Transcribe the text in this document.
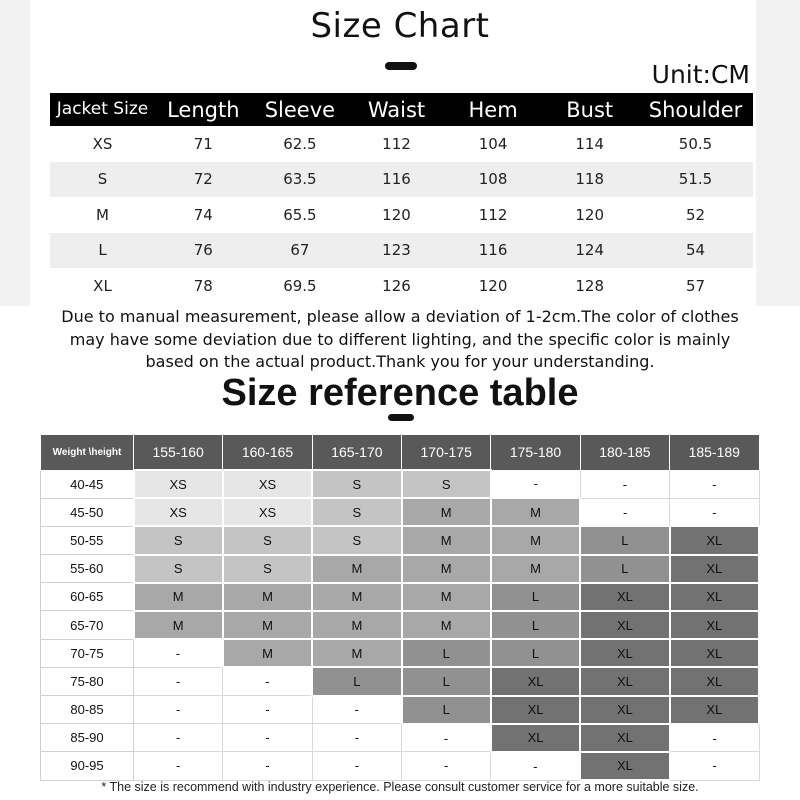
Size Chart
Unit:CM
Jacket Size	Length	Sleeve	Waist	Hem	Bust	Shoulder
XS	71	62.5	112	104	114	50.5
S	72	63.5	116	108	118	51.5
M	74	65.5	120	112	120	52
L	76	67	123	116	124	54
XL	78	69.5	126	120	128	57
Due to manual measurement, please allow a deviation of 1-2cm.The color of clothes
may have some deviation due to different lighting, and the specific color is mainly
based on the actual product.Thank you for your understanding.
Size reference table
Weight \height	155-160	160-165	165-170	170-175	175-180	180-185	185-189
40-45	XS	XS	S	S	-	-	-
45-50	XS	XS	S	M	M	-	-
50-55	S	S	S	M	M	L	XL
55-60	S	S	M	M	M	L	XL
60-65	M	M	M	M	L	XL	XL
65-70	M	M	M	M	L	XL	XL
70-75	-	M	M	L	L	XL	XL
75-80	-	-	L	L	XL	XL	XL
80-85	-	-	-	L	XL	XL	XL
85-90	-	-	-	-	XL	XL	-
90-95	-	-	-	-	-	XL	-
* The size is recommend with industry experience. Please consult customer service for a more suitable size.
